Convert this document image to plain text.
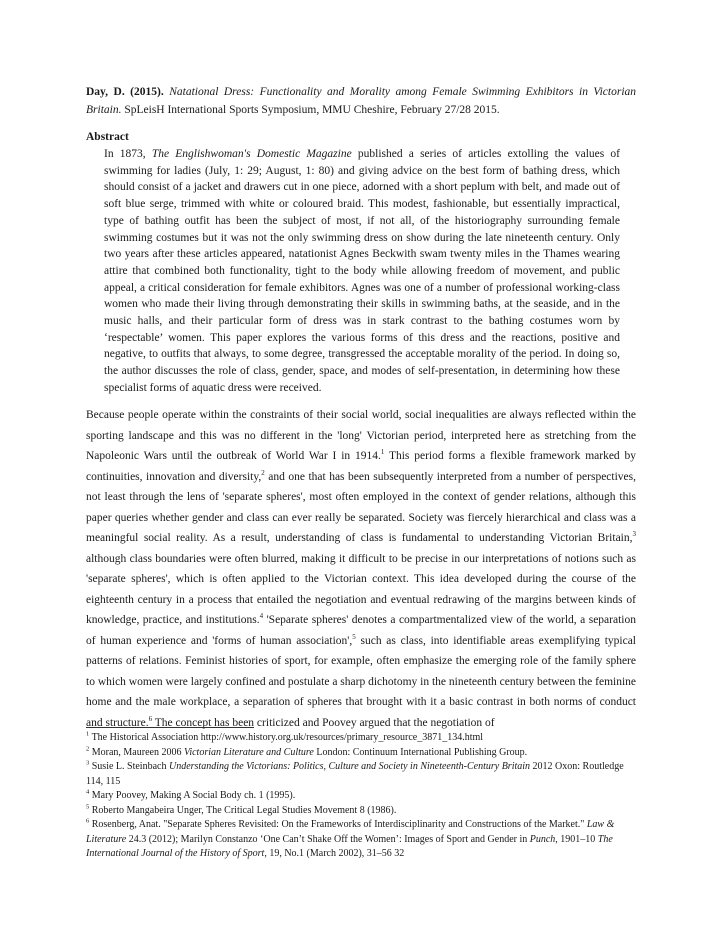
Day, D. (2015). Natational Dress: Functionality and Morality among Female Swimming Exhibitors in Victorian Britain. SpLeisH International Sports Symposium, MMU Cheshire, February 27/28 2015.

Abstract

In 1873, The Englishwoman's Domestic Magazine published a series of articles extolling the values of swimming for ladies (July, 1: 29; August, 1: 80) and giving advice on the best form of bathing dress, which should consist of a jacket and drawers cut in one piece, adorned with a short peplum with belt, and made out of soft blue serge, trimmed with white or coloured braid. This modest, fashionable, but essentially impractical, type of bathing outfit has been the subject of most, if not all, of the historiography surrounding female swimming costumes but it was not the only swimming dress on show during the late nineteenth century. Only two years after these articles appeared, natationist Agnes Beckwith swam twenty miles in the Thames wearing attire that combined both functionality, tight to the body while allowing freedom of movement, and public appeal, a critical consideration for female exhibitors. Agnes was one of a number of professional working-class women who made their living through demonstrating their skills in swimming baths, at the seaside, and in the music halls, and their particular form of dress was in stark contrast to the bathing costumes worn by ‘respectable’ women. This paper explores the various forms of this dress and the reactions, positive and negative, to outfits that always, to some degree, transgressed the acceptable morality of the period. In doing so, the author discusses the role of class, gender, space, and modes of self-presentation, in determining how these specialist forms of aquatic dress were received.

Because people operate within the constraints of their social world, social inequalities are always reflected within the sporting landscape and this was no different in the 'long' Victorian period, interpreted here as stretching from the Napoleonic Wars until the outbreak of World War I in 1914.$^1$ This period forms a flexible framework marked by continuities, innovation and diversity,$^2$ and one that has been subsequently interpreted from a number of perspectives, not least through the lens of 'separate spheres', most often employed in the context of gender relations, although this paper queries whether gender and class can ever really be separated. Society was fiercely hierarchical and class was a meaningful social reality. As a result, understanding of class is fundamental to understanding Victorian Britain,$^3$ although class boundaries were often blurred, making it difficult to be precise in our interpretations of notions such as 'separate spheres', which is often applied to the Victorian context. This idea developed during the course of the eighteenth century in a process that entailed the negotiation and eventual redrawing of the margins between kinds of knowledge, practice, and institutions.$^4$ 'Separate spheres' denotes a compartmentalized view of the world, a separation of human experience and 'forms of human association',$^5$ such as class, into identifiable areas exemplifying typical patterns of relations. Feminist histories of sport, for example, often emphasize the emerging role of the family sphere to which women were largely confined and postulate a sharp dichotomy in the nineteenth century between the feminine home and the male workplace, a separation of spheres that brought with it a basic contrast in both norms of conduct and structure.$^6$ The concept has been criticized and Poovey argued that the negotiation of

$^1$ The Historical Association http://www.history.org.uk/resources/primary_resource_3871_134.html

$^2$ Moran, Maureen 2006 Victorian Literature and Culture London: Continuum International Publishing Group.

$^3$ Susie L. Steinbach Understanding the Victorians: Politics, Culture and Society in Nineteenth-Century Britain 2012 Oxon: Routledge 114, 115

$^4$ Mary Poovey, Making A Social Body ch. 1 (1995).

$^5$ Roberto Mangabeira Unger, The Critical Legal Studies Movement 8 (1986).

$^6$ Rosenberg, Anat. "Separate Spheres Revisited: On the Frameworks of Interdisciplinarity and Constructions of the Market." Law & Literature 24.3 (2012); Marilyn Constanzo ‘One Can’t Shake Off the Women’: Images of Sport and Gender in Punch, 1901–10 The International Journal of the History of Sport, 19, No.1 (March 2002), 31–56 32
